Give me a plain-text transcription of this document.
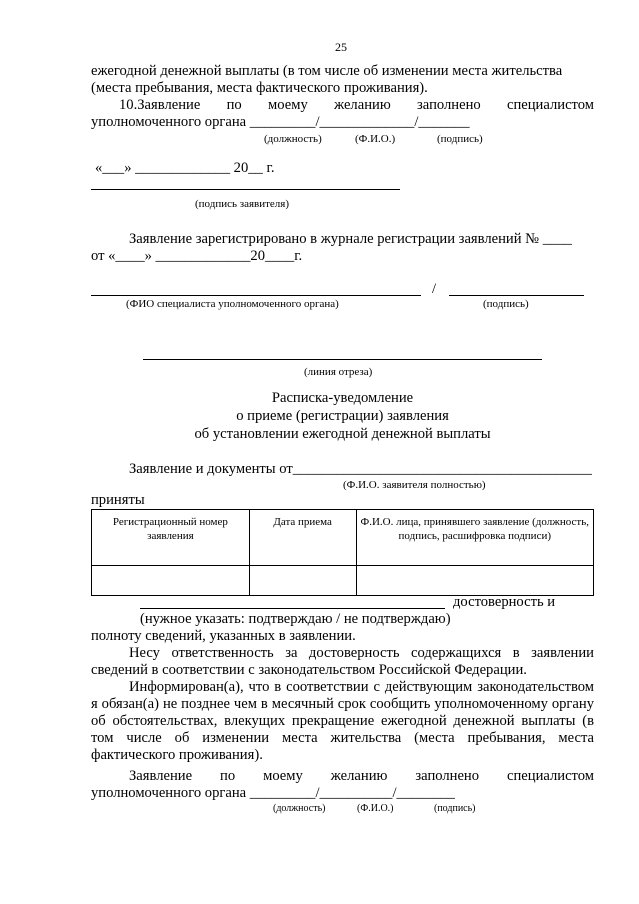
25
ежегодной денежной выплаты (в том числе об изменении места жительства
(места пребывания, места фактического проживания).
10.Заявление по моему желанию заполнено специалистом
уполномоченного органа _________/_____________/_______
(должность)	(Ф.И.О.)	(подпись)
«___» _____________ 20__ г.
(подпись заявителя)
Заявление зарегистрировано в журнале регистрации заявлений № ____
от «____» _____________20____г.
/
(ФИО специалиста уполномоченного органа)	(подпись)
(линия отреза)
Расписка-уведомление
о приеме (регистрации) заявления
об установлении ежегодной денежной выплаты
Заявление и документы от_________________________________________
(Ф.И.О. заявителя полностью)
приняты
Регистрационный номер заявления	Дата приема	Ф.И.О. лица, принявшего заявление (должность, подпись, расшифровка подписи)

достоверность и
(нужное указать: подтверждаю / не подтверждаю)
полноту сведений, указанных в заявлении.
Несу ответственность за достоверность содержащихся в заявлении сведений в соответствии с законодательством Российской Федерации.
Информирован(а), что в соответствии с действующим законодательством я обязан(а) не позднее чем в месячный срок сообщить уполномоченному органу об обстоятельствах, влекущих прекращение ежегодной денежной выплаты (в том числе об изменении места жительства (места пребывания, места фактического проживания).
Заявление по моему желанию заполнено специалистом
уполномоченного органа _________/__________/________
(должность)	(Ф.И.О.)	(подпись)
